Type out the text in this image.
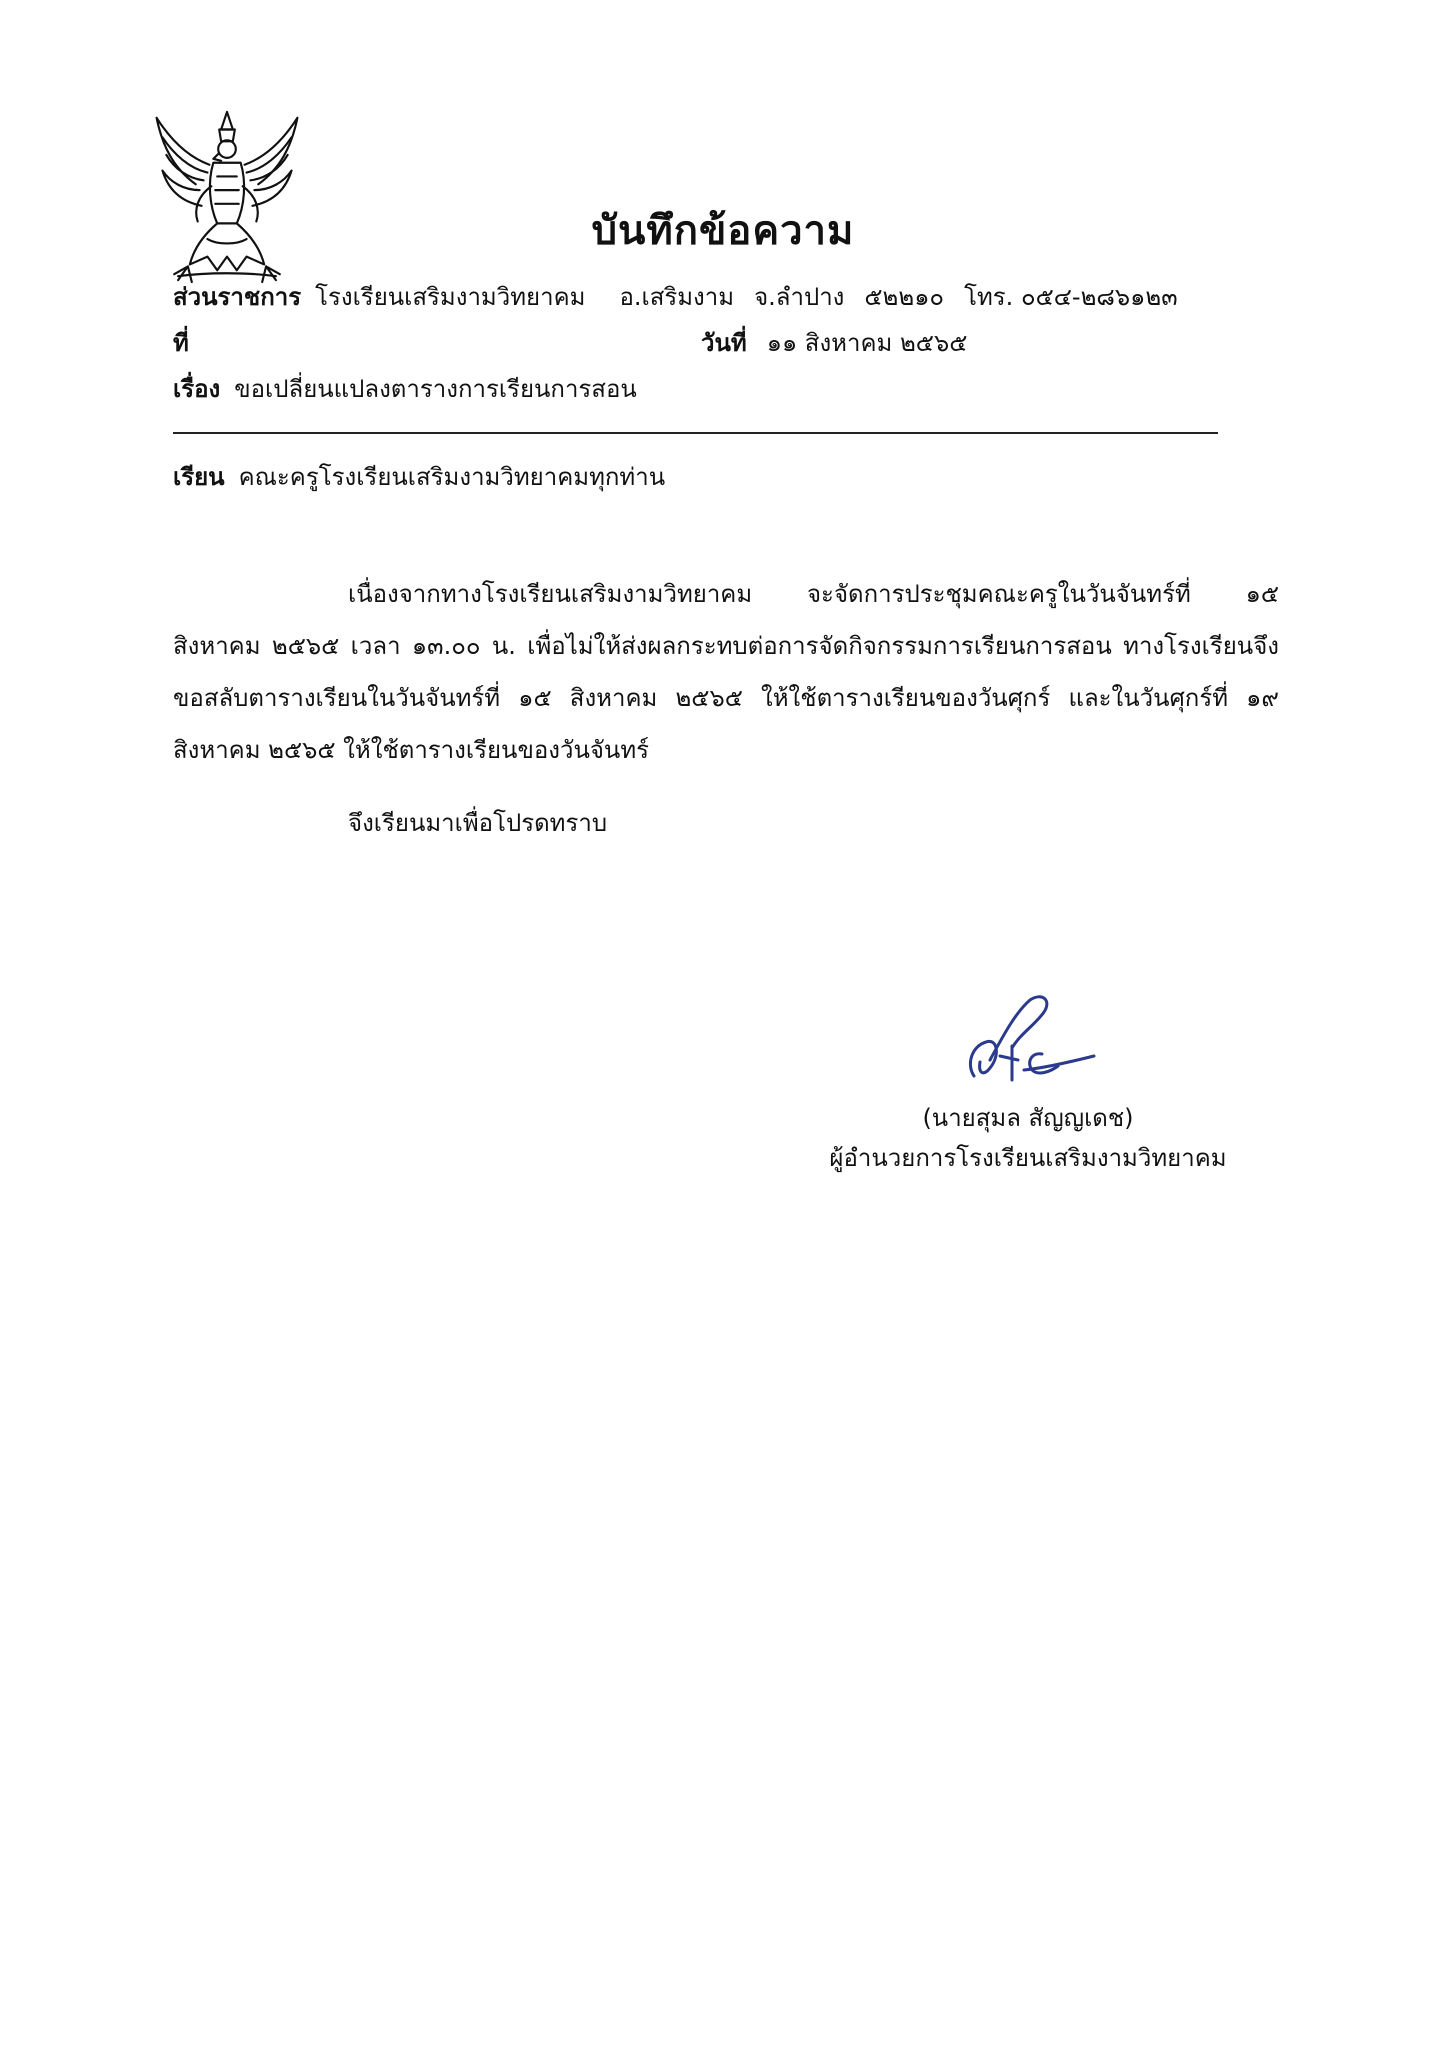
บันทึกข้อความ
ส่วนราชการ โรงเรียนเสริมงามวิทยาคม อ.เสริมงาม จ.ลำปาง ๕๒๒๑๐ โทร. ๐๕๔-๒๘๖๑๒๓
ที่	วันที่ ๑๑ สิงหาคม ๒๕๖๕
เรื่อง ขอเปลี่ยนแปลงตารางการเรียนการสอน
เรียน คณะครูโรงเรียนเสริมงามวิทยาคมทุกท่าน

เนื่องจากทางโรงเรียนเสริมงามวิทยาคม จะจัดการประชุมคณะครูในวันจันทร์ที่ ๑๕ สิงหาคม ๒๕๖๕ เวลา ๑๓.๐๐ น. เพื่อไม่ให้ส่งผลกระทบต่อการจัดกิจกรรมการเรียนการสอน ทางโรงเรียนจึงขอสลับตารางเรียนในวันจันทร์ที่ ๑๕ สิงหาคม ๒๕๖๕ ให้ใช้ตารางเรียนของวันศุกร์ และในวันศุกร์ที่ ๑๙ สิงหาคม ๒๕๖๕ ให้ใช้ตารางเรียนของวันจันทร์

จึงเรียนมาเพื่อโปรดทราบ

(นายสุมล สัญญเดช)
ผู้อำนวยการโรงเรียนเสริมงามวิทยาคม
